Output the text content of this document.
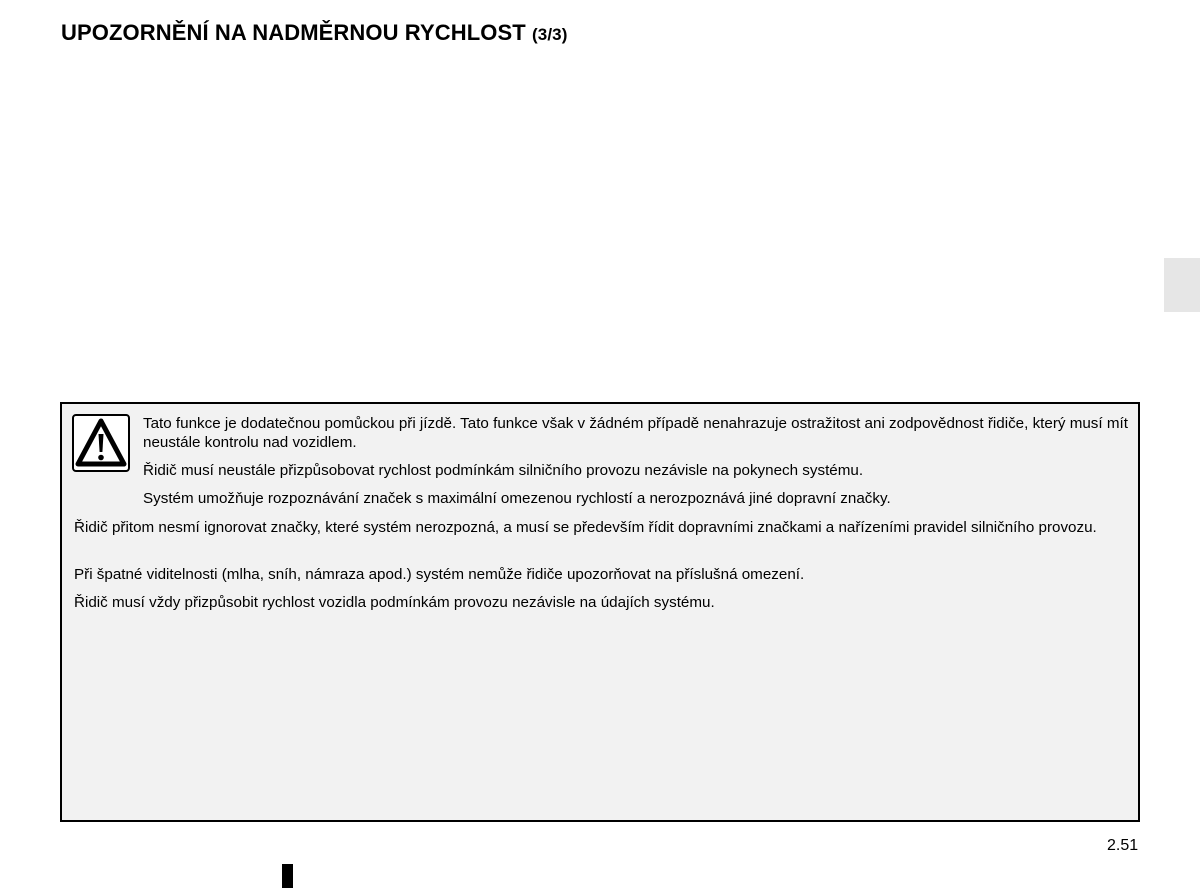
UPOZORNĚNÍ NA NADMĚRNOU RYCHLOST (3/3)

Tato funkce je dodatečnou pomůckou při jízdě. Tato funkce však v žádném případě nenahrazuje ostražitost ani zodpovědnost řidiče, který musí mít neustále kontrolu nad vozidlem.

Řidič musí neustále přizpůsobovat rychlost podmínkám silničního provozu nezávisle na pokynech systému.

Systém umožňuje rozpoznávání značek s maximální omezenou rychlostí a nerozpoznává jiné dopravní značky.

Řidič přitom nesmí ignorovat značky, které systém nerozpozná, a musí se především řídit dopravními značkami a nařízeními pravidel silničního provozu.

Při špatné viditelnosti (mlha, sníh, námraza apod.) systém nemůže řidiče upozorňovat na příslušná omezení.

Řidič musí vždy přizpůsobit rychlost vozidla podmínkám provozu nezávisle na údajích systému.

2.51
